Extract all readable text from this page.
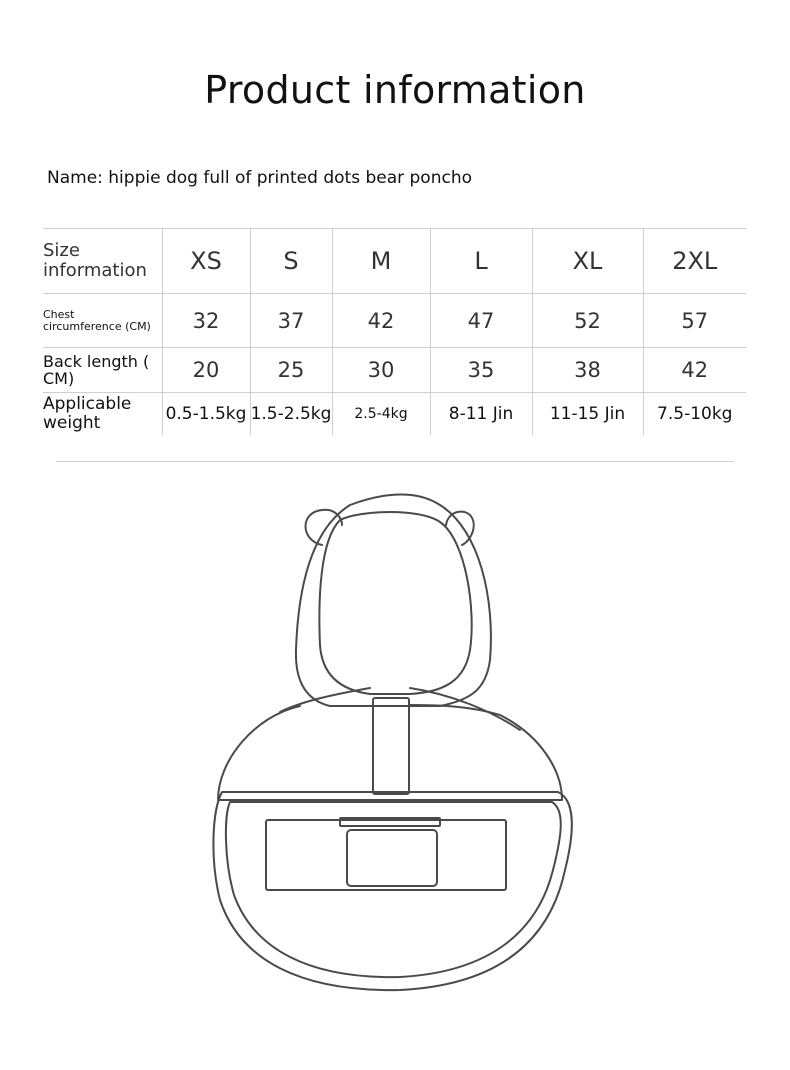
Product information
Name: hippie dog full of printed dots bear poncho
Size
information	XS	S	M	L	XL	2XL
Chest
circumference (CM)	32	37	42	47	52	57
Back length (
CM)	20	25	30	35	38	42
Applicable
weight	0.5-1.5kg	1.5-2.5kg	2.5-4kg	8-11 Jin	11-15 Jin	7.5-10kg
